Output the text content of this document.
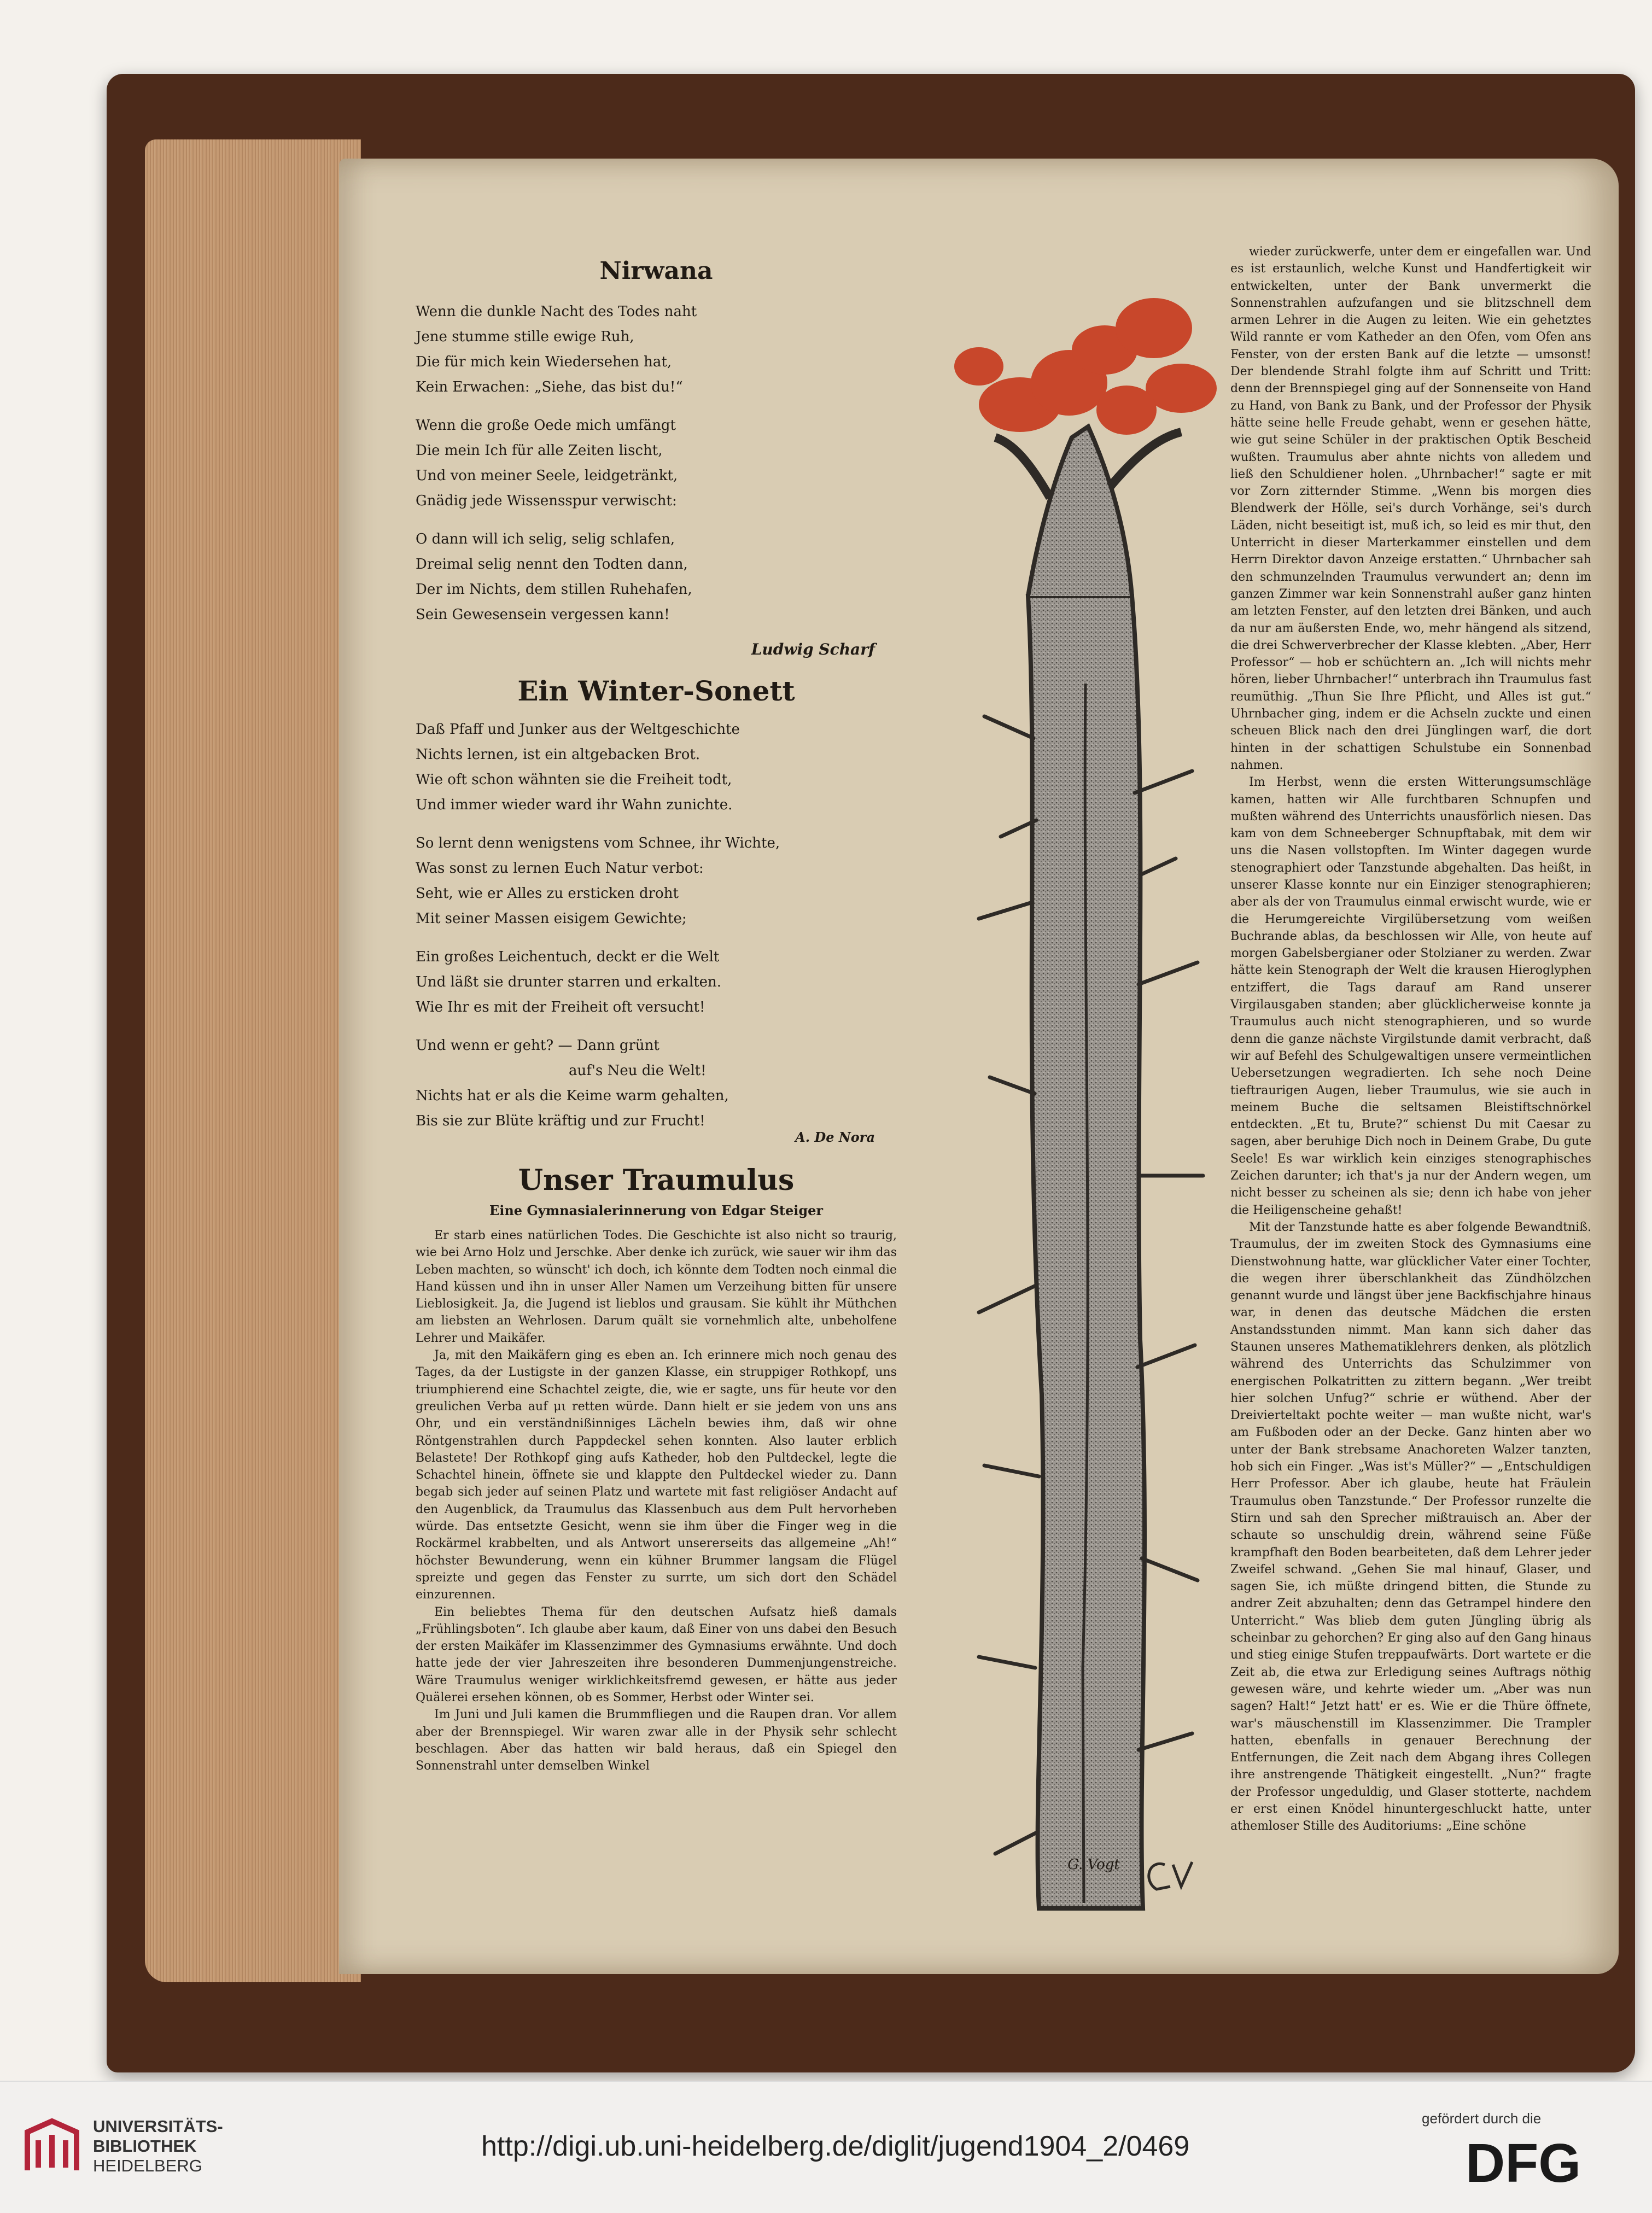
Nirwana
Wenn die dunkle Nacht des Todes naht
Jene stumme stille ewige Ruh,
Die für mich kein Wiedersehen hat,
Kein Erwachen: „Siehe, das bist du!“
Wenn die große Oede mich umfängt
Die mein Ich für alle Zeiten lischt,
Und von meiner Seele, leidgetränkt,
Gnädig jede Wissensspur verwischt:
O dann will ich selig, selig schlafen,
Dreimal selig nennt den Todten dann,
Der im Nichts, dem stillen Ruhehafen,
Sein Gewesensein vergessen kann!
Ludwig Scharf
Ein Winter-Sonett
Daß Pfaff und Junker aus der Weltgeschichte
Nichts lernen, ist ein altgebacken Brot.
Wie oft schon wähnten sie die Freiheit todt,
Und immer wieder ward ihr Wahn zunichte.
So lernt denn wenigstens vom Schnee, ihr Wichte,
Was sonst zu lernen Euch Natur verbot:
Seht, wie er Alles zu ersticken droht
Mit seiner Massen eisigem Gewichte;
Ein großes Leichentuch, deckt er die Welt
Und läßt sie drunter starren und erkalten.
Wie Ihr es mit der Freiheit oft versucht!
Und wenn er geht? — Dann grünt
auf's Neu die Welt!
Nichts hat er als die Keime warm gehalten,
Bis sie zur Blüte kräftig und zur Frucht!
A. De Nora
Unser Traumulus
Eine Gymnasialerinnerung von Edgar Steiger

Er starb eines natürlichen Todes. Die Geschichte ist also nicht so traurig, wie bei Arno Holz und Jerschke. Aber denke ich zurück, wie sauer wir ihm das Leben machten, so wünscht' ich doch, ich könnte dem Todten noch einmal die Hand küssen und ihn in unser Aller Namen um Verzeihung bitten für unsere Lieblosigkeit. Ja, die Jugend ist lieblos und grausam. Sie kühlt ihr Müthchen am liebsten an Wehrlosen. Darum quält sie vornehmlich alte, unbeholfene Lehrer und Maikäfer.

Ja, mit den Maikäfern ging es eben an. Ich erinnere mich noch genau des Tages, da der Lustigste in der ganzen Klasse, ein struppiger Rothkopf, uns triumphierend eine Schachtel zeigte, die, wie er sagte, uns für heute vor den greulichen Verba auf μι retten würde. Dann hielt er sie jedem von uns ans Ohr, und ein verständnißinniges Lächeln bewies ihm, daß wir ohne Röntgenstrahlen durch Pappdeckel sehen konnten. Also lauter erblich Belastete! Der Rothkopf ging aufs Katheder, hob den Pultdeckel, legte die Schachtel hinein, öffnete sie und klappte den Pultdeckel wieder zu. Dann begab sich jeder auf seinen Platz und wartete mit fast religiöser Andacht auf den Augenblick, da Traumulus das Klassenbuch aus dem Pult hervorheben würde. Das entsetzte Gesicht, wenn sie ihm über die Finger weg in die Rockärmel krabbelten, und als Antwort unsererseits das allgemeine „Ah!“ höchster Bewunderung, wenn ein kühner Brummer langsam die Flügel spreizte und gegen das Fenster zu surrte, um sich dort den Schädel einzurennen.

Ein beliebtes Thema für den deutschen Aufsatz hieß damals „Frühlingsboten“. Ich glaube aber kaum, daß Einer von uns dabei den Besuch der ersten Maikäfer im Klassenzimmer des Gymnasiums erwähnte. Und doch hatte jede der vier Jahreszeiten ihre besonderen Dummenjungenstreiche. Wäre Traumulus weniger wirklichkeitsfremd gewesen, er hätte aus jeder Quälerei ersehen können, ob es Sommer, Herbst oder Winter sei.

Im Juni und Juli kamen die Brummfliegen und die Raupen dran. Vor allem aber der Brennspiegel. Wir waren zwar alle in der Physik sehr schlecht beschlagen. Aber das hatten wir bald heraus, daß ein Spiegel den Sonnenstrahl unter demselben Winkel

G. Vogt

wieder zurückwerfe, unter dem er eingefallen war. Und es ist erstaunlich, welche Kunst und Handfertigkeit wir entwickelten, unter der Bank unvermerkt die Sonnenstrahlen aufzufangen und sie blitzschnell dem armen Lehrer in die Augen zu leiten. Wie ein gehetztes Wild rannte er vom Katheder an den Ofen, vom Ofen ans Fenster, von der ersten Bank auf die letzte — umsonst! Der blendende Strahl folgte ihm auf Schritt und Tritt: denn der Brennspiegel ging auf der Sonnenseite von Hand zu Hand, von Bank zu Bank, und der Professor der Physik hätte seine helle Freude gehabt, wenn er gesehen hätte, wie gut seine Schüler in der praktischen Optik Bescheid wußten. Traumulus aber ahnte nichts von alledem und ließ den Schuldiener holen. „Uhrnbacher!“ sagte er mit vor Zorn zitternder Stimme. „Wenn bis morgen dies Blendwerk der Hölle, sei's durch Vorhänge, sei's durch Läden, nicht beseitigt ist, muß ich, so leid es mir thut, den Unterricht in dieser Marterkammer einstellen und dem Herrn Direktor davon Anzeige erstatten.“ Uhrnbacher sah den schmunzelnden Traumulus verwundert an; denn im ganzen Zimmer war kein Sonnenstrahl außer ganz hinten am letzten Fenster, auf den letzten drei Bänken, und auch da nur am äußersten Ende, wo, mehr hängend als sitzend, die drei Schwerverbrecher der Klasse klebten. „Aber, Herr Professor“ — hob er schüchtern an. „Ich will nichts mehr hören, lieber Uhrnbacher!“ unterbrach ihn Traumulus fast reumüthig. „Thun Sie Ihre Pflicht, und Alles ist gut.“ Uhrnbacher ging, indem er die Achseln zuckte und einen scheuen Blick nach den drei Jünglingen warf, die dort hinten in der schattigen Schulstube ein Sonnenbad nahmen.

Im Herbst, wenn die ersten Witterungsumschläge kamen, hatten wir Alle furchtbaren Schnupfen und mußten während des Unterrichts unausförlich niesen. Das kam von dem Schneeberger Schnupftabak, mit dem wir uns die Nasen vollstopften. Im Winter dagegen wurde stenographiert oder Tanzstunde abgehalten. Das heißt, in unserer Klasse konnte nur ein Einziger stenographieren; aber als der von Traumulus einmal erwischt wurde, wie er die Herumgereichte Virgilübersetzung vom weißen Buchrande ablas, da beschlossen wir Alle, von heute auf morgen Gabelsbergianer oder Stolzianer zu werden. Zwar hätte kein Stenograph der Welt die krausen Hieroglyphen entziffert, die Tags darauf am Rand unserer Virgilausgaben standen; aber glücklicherweise konnte ja Traumulus auch nicht stenographieren, und so wurde denn die ganze nächste Virgilstunde damit verbracht, daß wir auf Befehl des Schulgewaltigen unsere vermeintlichen Uebersetzungen wegradierten. Ich sehe noch Deine tieftraurigen Augen, lieber Traumulus, wie sie auch in meinem Buche die seltsamen Bleistiftschnörkel entdeckten. „Et tu, Brute?“ schienst Du mit Caesar zu sagen, aber beruhige Dich noch in Deinem Grabe, Du gute Seele! Es war wirklich kein einziges stenographisches Zeichen darunter; ich that's ja nur der Andern wegen, um nicht besser zu scheinen als sie; denn ich habe von jeher die Heiligenscheine gehaßt!

Mit der Tanzstunde hatte es aber folgende Bewandtniß. Traumulus, der im zweiten Stock des Gymnasiums eine Dienstwohnung hatte, war glücklicher Vater einer Tochter, die wegen ihrer überschlankheit das Zündhölzchen genannt wurde und längst über jene Backfischjahre hinaus war, in denen das deutsche Mädchen die ersten Anstandsstunden nimmt. Man kann sich daher das Staunen unseres Mathematiklehrers denken, als plötzlich während des Unterrichts das Schulzimmer von energischen Polkatritten zu zittern begann. „Wer treibt hier solchen Unfug?“ schrie er wüthend. Aber der Dreivierteltakt pochte weiter — man wußte nicht, war's am Fußboden oder an der Decke. Ganz hinten aber wo unter der Bank strebsame Anachoreten Walzer tanzten, hob sich ein Finger. „Was ist's Müller?“ — „Entschuldigen Herr Professor. Aber ich glaube, heute hat Fräulein Traumulus oben Tanzstunde.“ Der Professor runzelte die Stirn und sah den Sprecher mißtrauisch an. Aber der schaute so unschuldig drein, während seine Füße krampfhaft den Boden bearbeiteten, daß dem Lehrer jeder Zweifel schwand. „Gehen Sie mal hinauf, Glaser, und sagen Sie, ich müßte dringend bitten, die Stunde zu andrer Zeit abzuhalten; denn das Getrampel hindere den Unterricht.“ Was blieb dem guten Jüngling übrig als scheinbar zu gehorchen? Er ging also auf den Gang hinaus und stieg einige Stufen treppaufwärts. Dort wartete er die Zeit ab, die etwa zur Erledigung seines Auftrags nöthig gewesen wäre, und kehrte wieder um. „Aber was nun sagen? Halt!“ Jetzt hatt' er es. Wie er die Thüre öffnete, war's mäuschenstill im Klassenzimmer. Die Trampler hatten, ebenfalls in genauer Berechnung der Entfernungen, die Zeit nach dem Abgang ihres Collegen ihre anstrengende Thätigkeit eingestellt. „Nun?“ fragte der Professor ungeduldig, und Glaser stotterte, nachdem er erst einen Knödel hinuntergeschluckt hatte, unter athemloser Stille des Auditoriums: „Eine schöne

UNIVERSITÄTS-
BIBLIOTHEK
HEIDELBERG
http://digi.ub.uni-heidelberg.de/diglit/jugend1904_2/0469
gefördert durch die
DFG
